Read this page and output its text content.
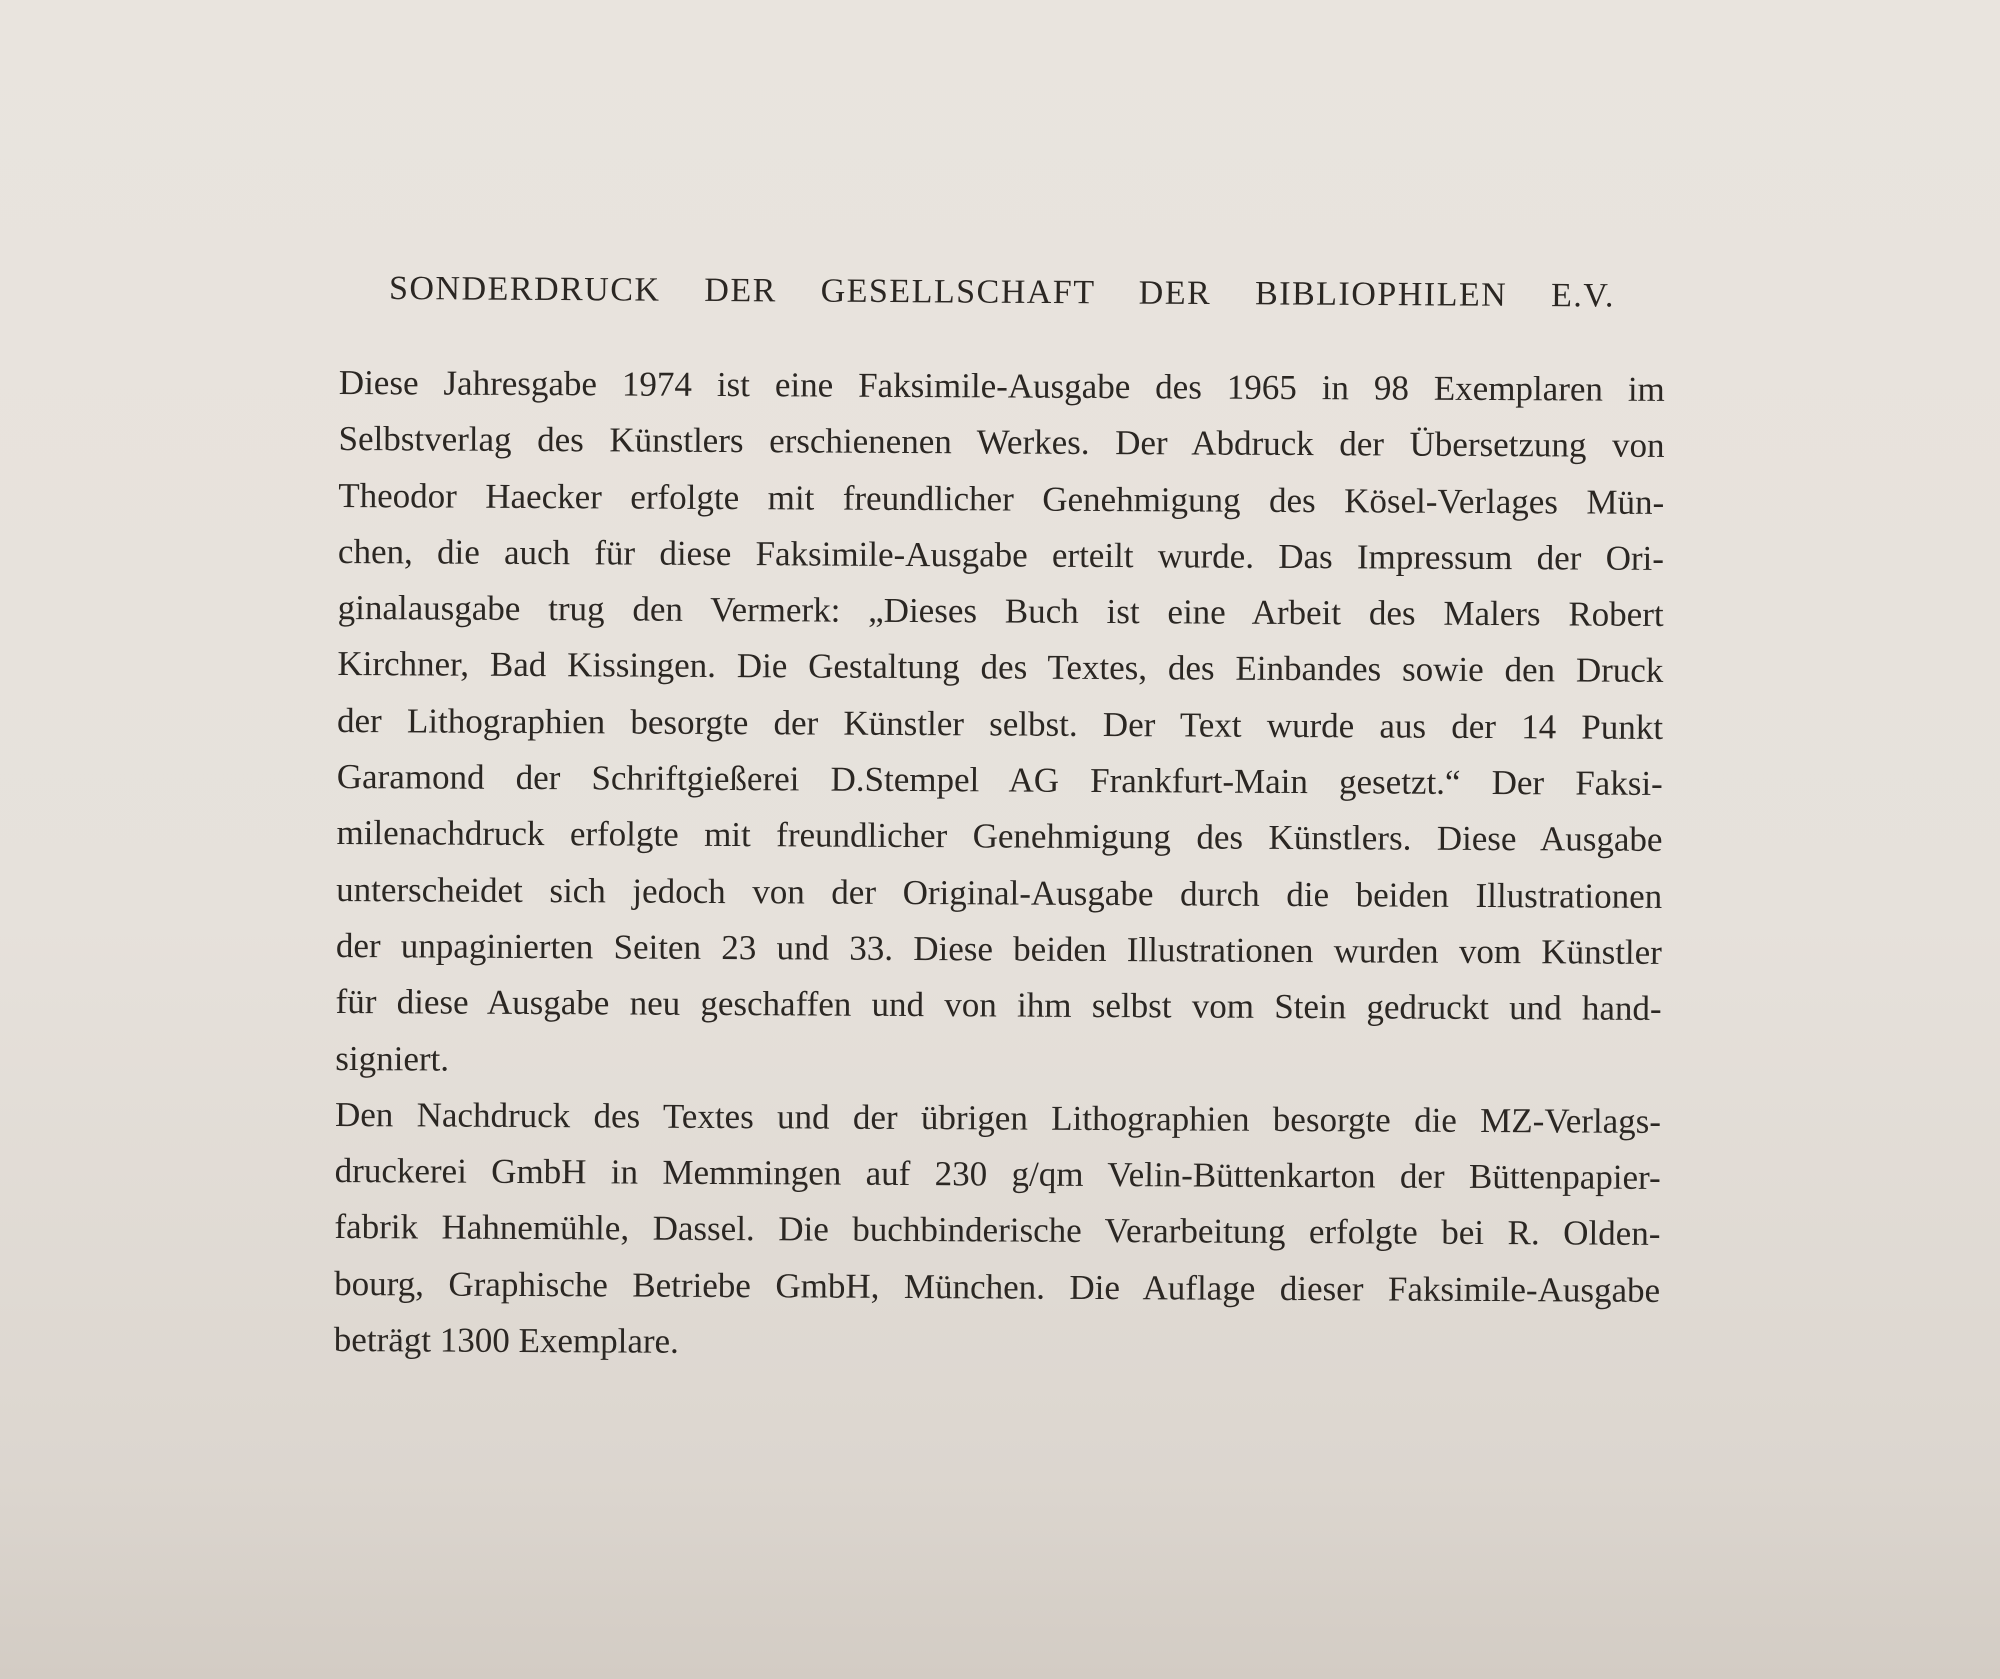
SONDERDRUCK DER GESELLSCHAFT DER BIBLIOPHILEN E.V.
Diese Jahresgabe 1974 ist eine Faksimile-Ausgabe des 1965 in 98 Exemplaren im
Selbstverlag des Künstlers erschienenen Werkes. Der Abdruck der Übersetzung von
Theodor Haecker erfolgte mit freundlicher Genehmigung des Kösel-Verlages Mün-
chen, die auch für diese Faksimile-Ausgabe erteilt wurde. Das Impressum der Ori-
ginalausgabe trug den Vermerk: „Dieses Buch ist eine Arbeit des Malers Robert
Kirchner, Bad Kissingen. Die Gestaltung des Textes, des Einbandes sowie den Druck
der Lithographien besorgte der Künstler selbst. Der Text wurde aus der 14 Punkt
Garamond der Schriftgießerei D.Stempel AG Frankfurt-Main gesetzt.“ Der Faksi-
milenachdruck erfolgte mit freundlicher Genehmigung des Künstlers. Diese Ausgabe
unterscheidet sich jedoch von der Original-Ausgabe durch die beiden Illustrationen
der unpaginierten Seiten 23 und 33. Diese beiden Illustrationen wurden vom Künstler
für diese Ausgabe neu geschaffen und von ihm selbst vom Stein gedruckt und hand-
signiert.
Den Nachdruck des Textes und der übrigen Lithographien besorgte die MZ-Verlags-
druckerei GmbH in Memmingen auf 230 g/qm Velin-Büttenkarton der Büttenpapier-
fabrik Hahnemühle, Dassel. Die buchbinderische Verarbeitung erfolgte bei R. Olden-
bourg, Graphische Betriebe GmbH, München. Die Auflage dieser Faksimile-Ausgabe
beträgt 1300 Exemplare.
